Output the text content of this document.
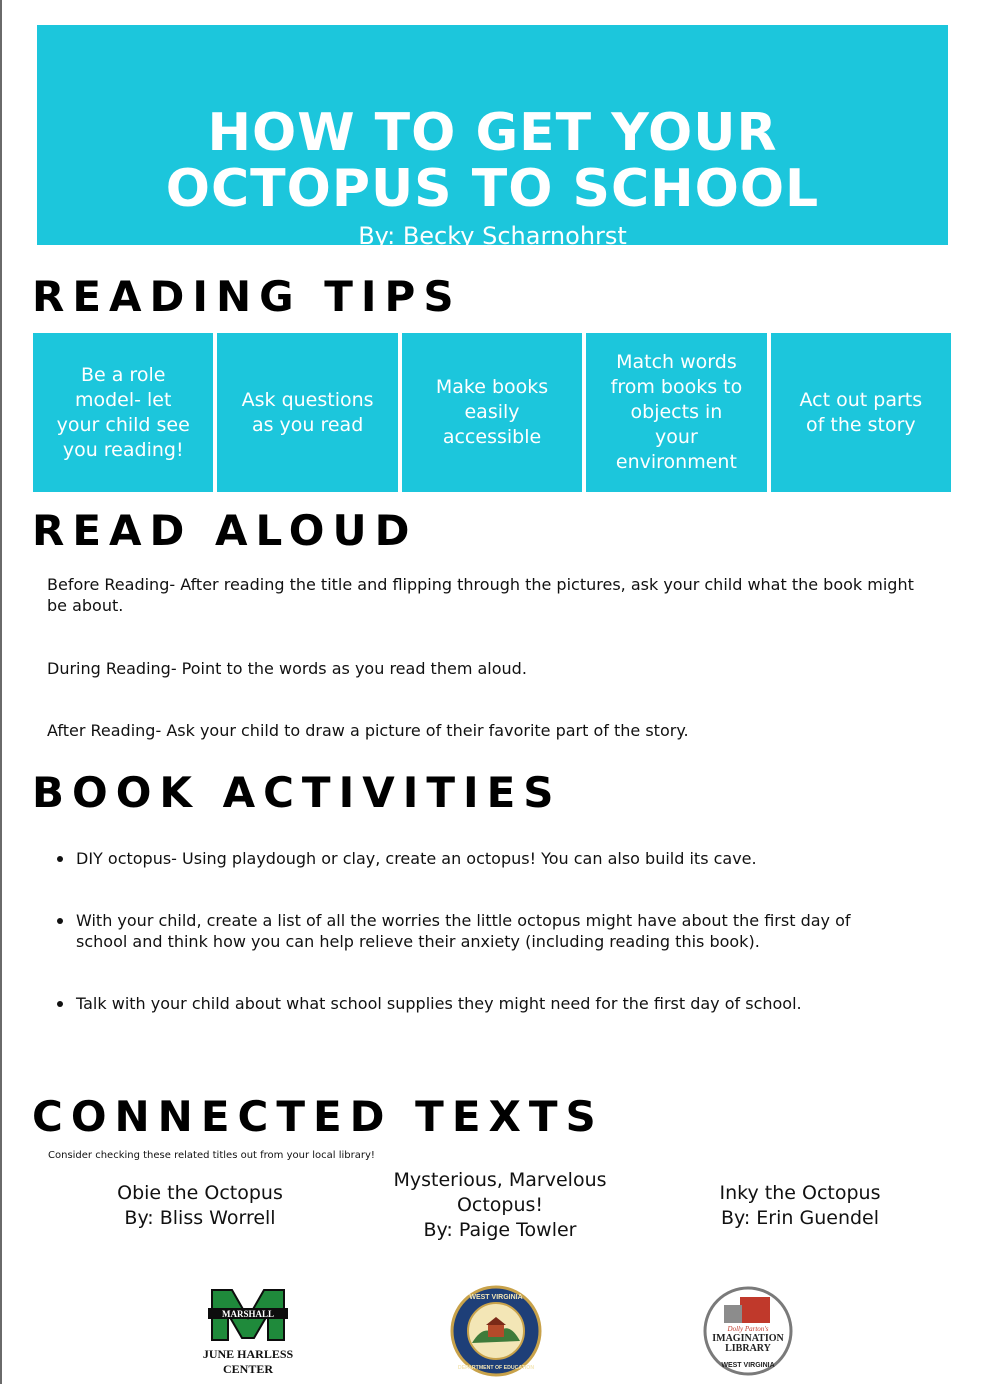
HOW TO GET YOUR
OCTOPUS TO SCHOOL
By: Becky Scharnohrst
READING TIPS
Be a role model- let your child see you reading!
Ask questions as you read
Make books easily accessible
Match words from books to objects in your environment
Act out parts of the story
READ ALOUD
Before Reading- After reading the title and flipping through the pictures, ask your child what the book might be about.
During Reading- Point to the words as you read them aloud.
After Reading- Ask your child to draw a picture of their favorite part of the story.
BOOK ACTIVITIES
DIY octopus- Using playdough or clay, create an octopus! You can also build its cave.
With your child, create a list of all the worries the little octopus might have about the first day of school and think how you can help relieve their anxiety (including reading this book).
Talk with your child about what school supplies they might need for the first day of school.
CONNECTED TEXTS
Consider checking these related titles out from your local library!
Obie the Octopus
By: Bliss Worrell
Mysterious, Marvelous Octopus!
By: Paige Towler
Inky the Octopus
By: Erin Guendel
MARSHALL
JUNE HARLESS
CENTER
WEST VIRGINIA
DEPARTMENT OF EDUCATION
Dolly Parton's
IMAGINATION
LIBRARY
WEST VIRGINIA
